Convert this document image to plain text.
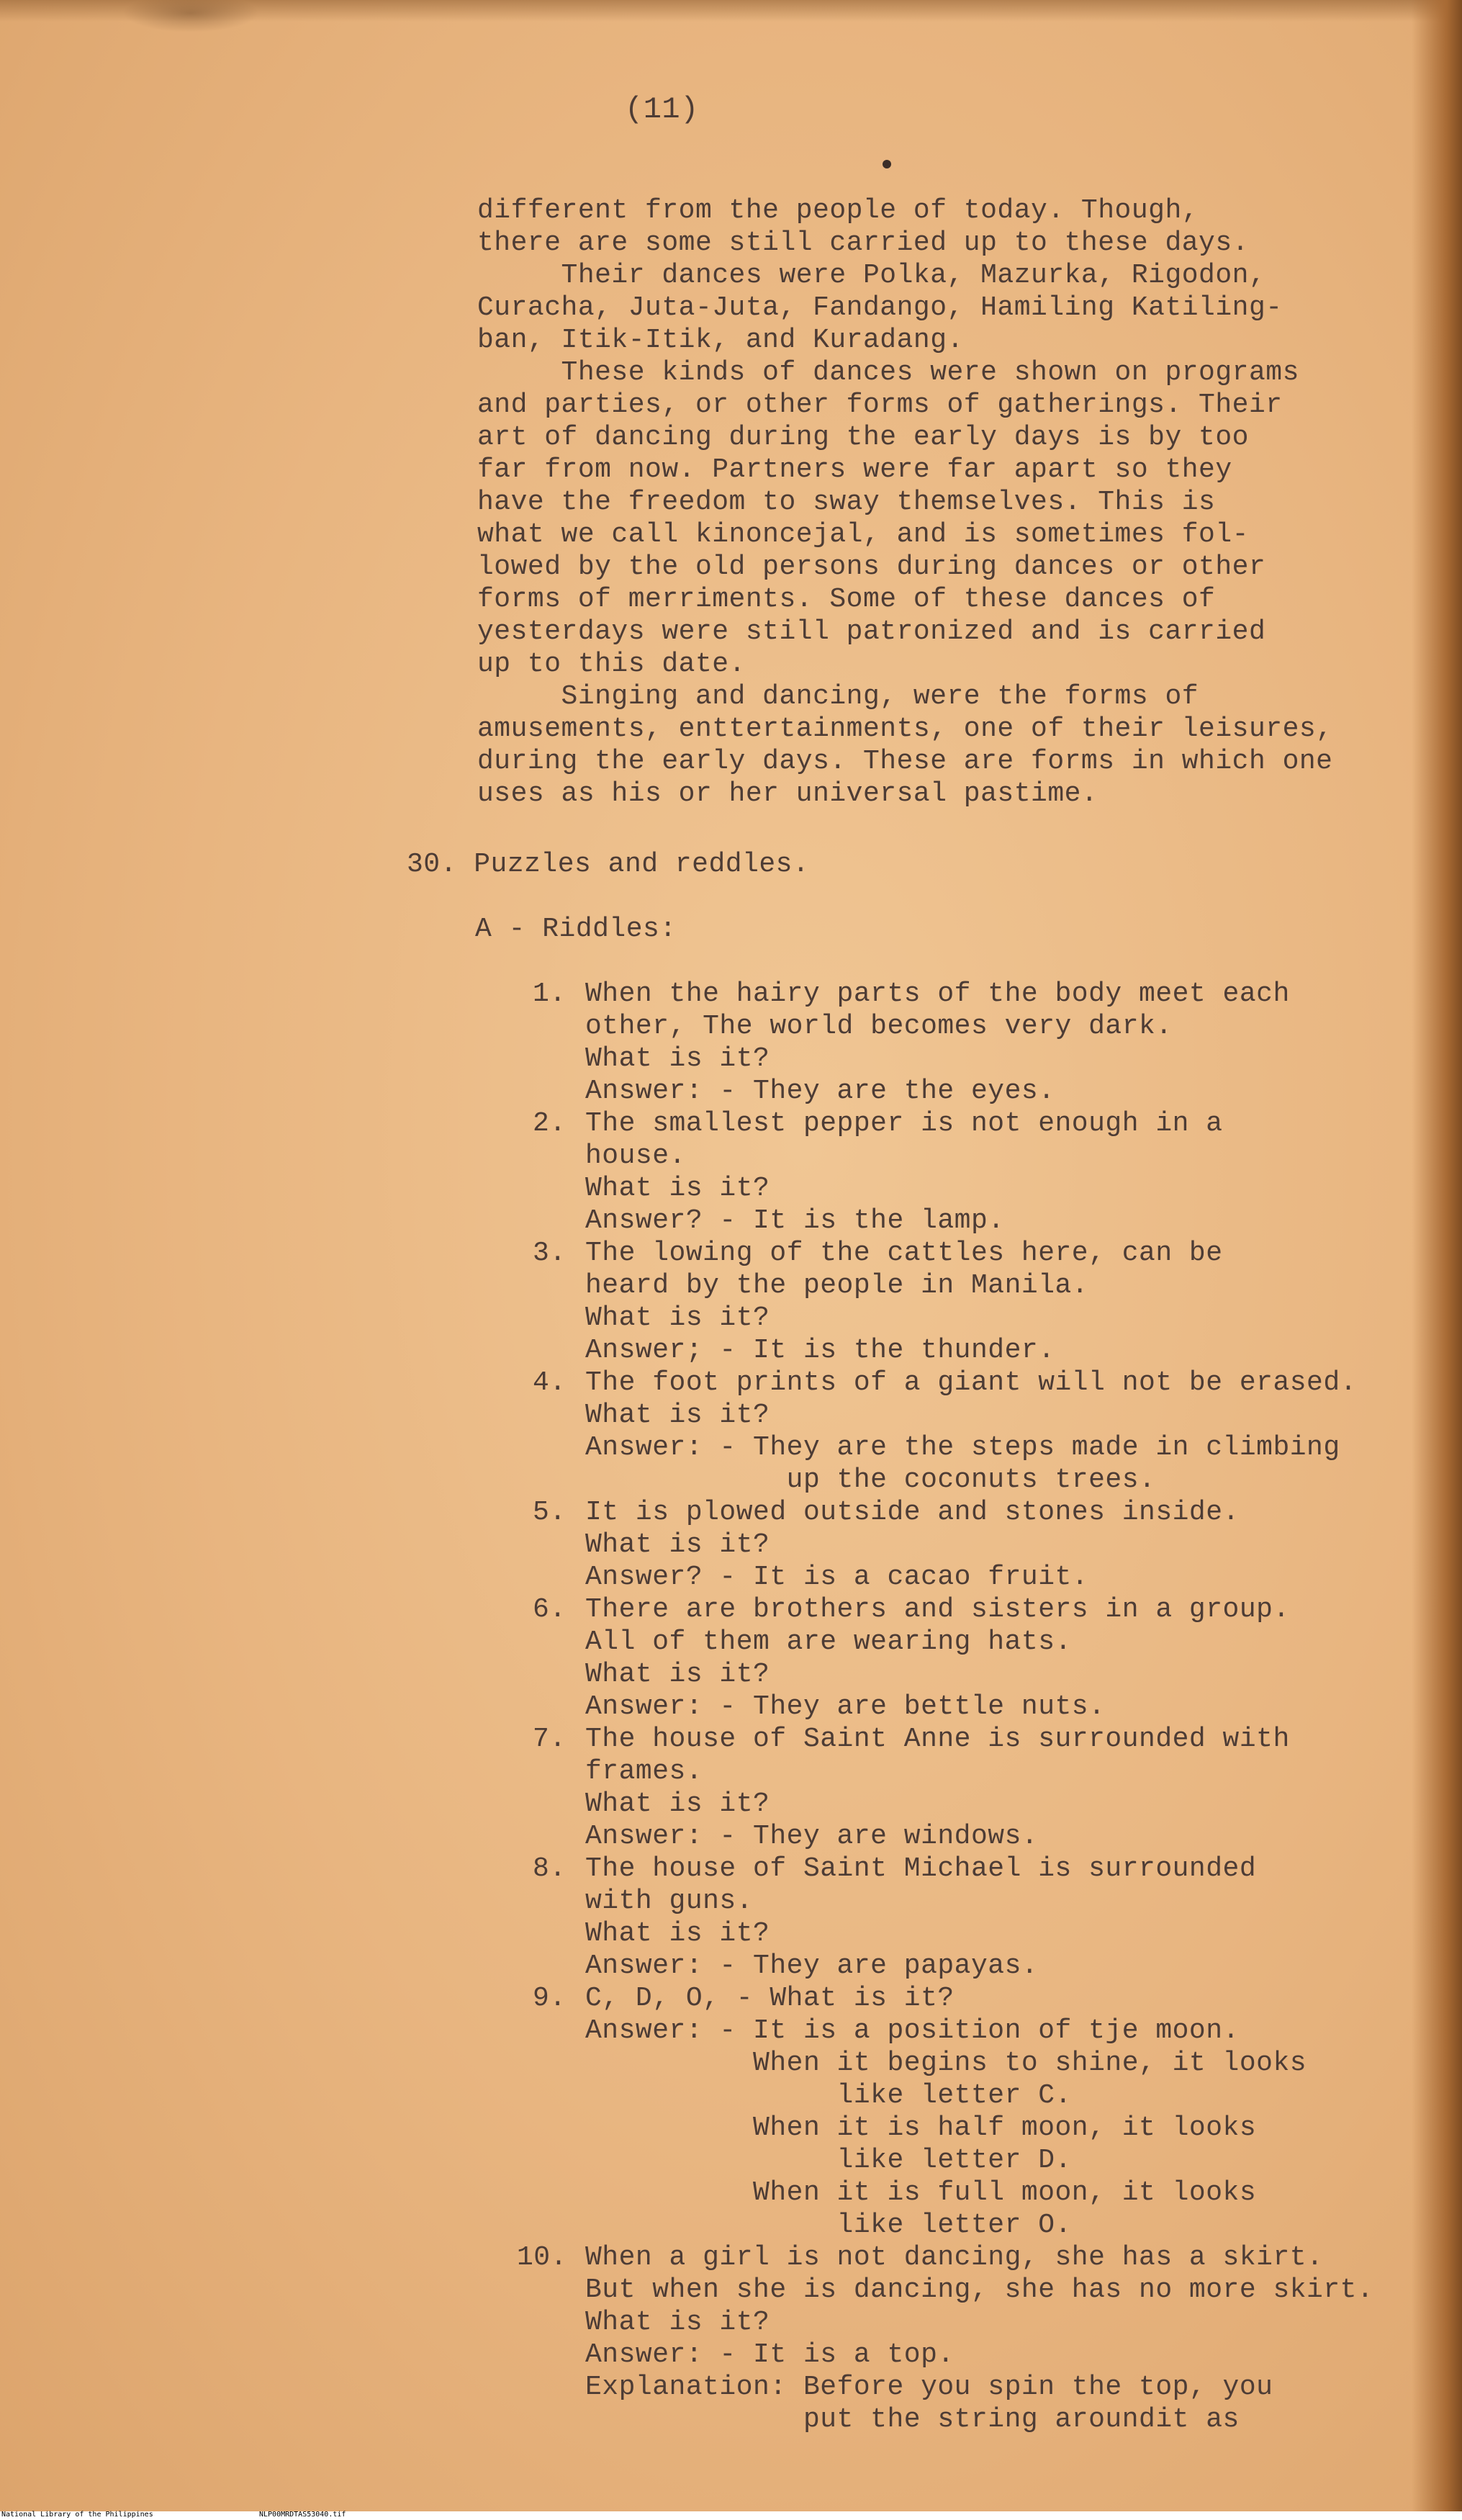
(11)
different from the people of today. Though,
there are some still carried up to these days.
Their dances were Polka, Mazurka, Rigodon,
Curacha, Juta-Juta, Fandango, Hamiling Katiling-
ban, Itik-Itik, and Kuradang.
These kinds of dances were shown on programs
and parties, or other forms of gatherings. Their
art of dancing during the early days is by too
far from now. Partners were far apart so they
have the freedom to sway themselves. This is
what we call kinoncejal, and is sometimes fol-
lowed by the old persons during dances or other
forms of merriments. Some of these dances of
yesterdays were still patronized and is carried
up to this date.
Singing and dancing, were the forms of
amusements, enttertainments, one of their leisures,
during the early days. These are forms in which one
uses as his or her universal pastime.
30. Puzzles and reddles.
A - Riddles:
1. When the hairy parts of the body meet each
other, The world becomes very dark.
What is it?
Answer: - They are the eyes.
2. The smallest pepper is not enough in a
house.
What is it?
Answer? - It is the lamp.
3. The lowing of the cattles here, can be
heard by the people in Manila.
What is it?
Answer; - It is the thunder.
4. The foot prints of a giant will not be erased.
What is it?
Answer: - They are the steps made in climbing
up the coconuts trees.
5. It is plowed outside and stones inside.
What is it?
Answer? - It is a cacao fruit.
6. There are brothers and sisters in a group.
All of them are wearing hats.
What is it?
Answer: - They are bettle nuts.
7. The house of Saint Anne is surrounded with
frames.
What is it?
Answer: - They are windows.
8. The house of Saint Michael is surrounded
with guns.
What is it?
Answer: - They are papayas.
9. C, D, O, - What is it?
Answer: - It is a position of tje moon.
When it begins to shine, it looks
like letter C.
When it is half moon, it looks
like letter D.
When it is full moon, it looks
like letter O.
10. When a girl is not dancing, she has a skirt.
But when she is dancing, she has no more skirt.
What is it?
Answer: - It is a top.
Explanation: Before you spin the top, you
put the string aroundit as
National Library of the Philippines	NLP00MRDTAS53040.tif
